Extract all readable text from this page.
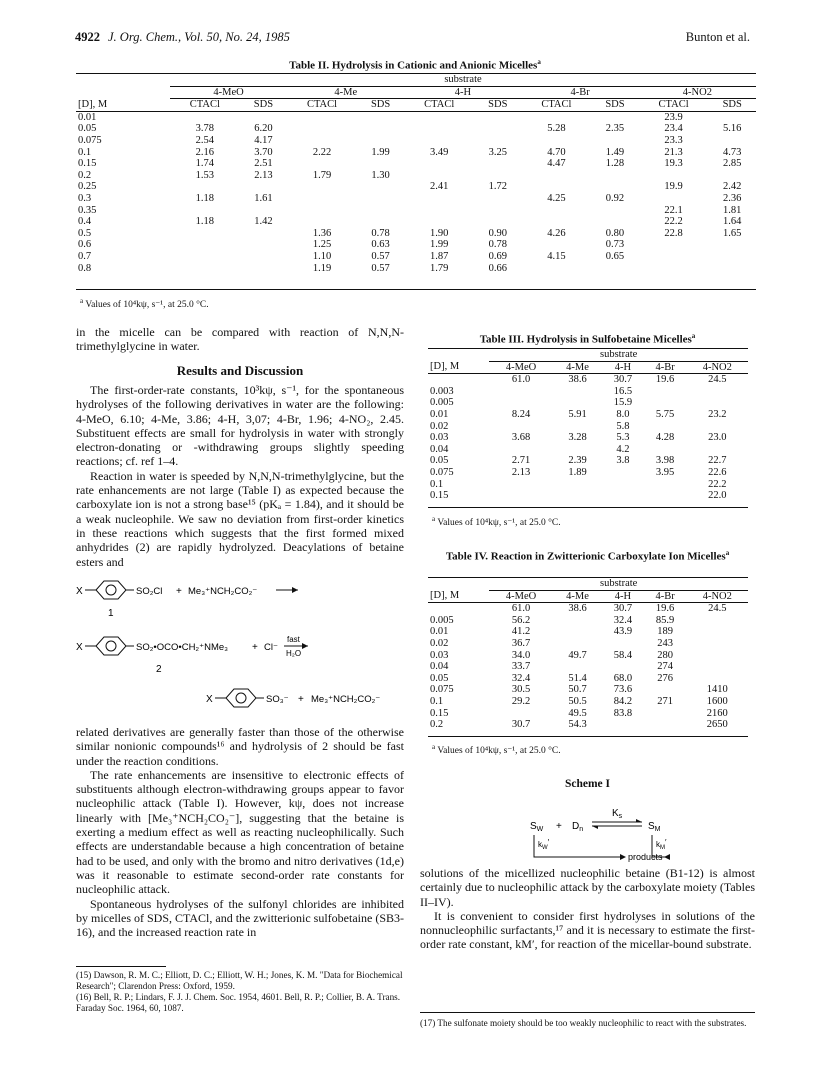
4922 J. Org. Chem., Vol. 50, No. 24, 1985	Bunton et al.
Table II. Hydrolysis in Cationic and Anionic Micelles$^a$
	substrate									
	4-MeO		4-Me		4-H		4-Br		4-NO2	
[D], M	CTACl	SDS	CTACl	SDS	CTACl	SDS	CTACl	SDS	CTACl	SDS
0.01									23.9	
0.05	3.78	6.20					5.28	2.35	23.4	5.16
0.075	2.54	4.17							23.3	
0.1	2.16	3.70	2.22	1.99	3.49	3.25	4.70	1.49	21.3	4.73
0.15	1.74	2.51					4.47	1.28	19.3	2.85
0.2	1.53	2.13	1.79	1.30						
0.25					2.41	1.72			19.9	2.42
0.3	1.18	1.61					4.25	0.92		2.36
0.35									22.1	1.81
0.4	1.18	1.42							22.2	1.64
0.5			1.36	0.78	1.90	0.90	4.26	0.80	22.8	1.65
0.6			1.25	0.63	1.99	0.78		0.73		
0.7			1.10	0.57	1.87	0.69	4.15	0.65		
0.8			1.19	0.57	1.79	0.66				
$^a$ Values of 10⁴kψ, s⁻¹, at 25.0 °C.
in the micelle can be compared with reaction of N,N,N-trimethylglycine in water.
Results and Discussion

The first-order-rate constants, 10³kψ, s⁻¹, for the spontaneous hydrolyses of the following derivatives in water are the following: 4-MeO, 6.10; 4-Me, 3.86; 4-H, 3,07; 4-Br, 1.96; 4-NO₂, 2.45. Substituent effects are small for hydrolysis in water with strongly electron-donating or -withdrawing groups slightly speeding reactions; cf. ref 1–4.

Reaction in water is speeded by N,N,N-trimethylglycine, but the rate enhancements are not large (Table I) as expected because the carboxylate ion is not a strong base¹⁵ (pKₐ = 1.84), and it should be a weak nucleophile. We saw no deviation from first-order kinetics in these reactions which suggests that the first formed mixed anhydrides (2) are rapidly hydrolyzed. Deacylations of betaine esters and

X	SO₂Cl + Me₃⁺NCH₂CO₂⁻
1
X	SO₂•OCO•CH₂⁺NMe₃ + Cl⁻
fast
H₂O
2
X	SO₃⁻ + Me₃⁺NCH₂CO₂⁻
related derivatives are generally faster than those of the otherwise similar nonionic compounds¹⁶ and hydrolysis of 2 should be fast under the reaction conditions.

The rate enhancements are insensitive to electronic effects of substituents although electron-withdrawing groups appear to favor nucleophilic attack (Table I). However, kψ, does not increase linearly with [Me₃⁺NCH₂CO₂⁻], suggesting that the betaine is exerting a medium effect as well as reacting nucleophilically. Such effects are understandable because a high concentration of betaine had to be used, and only with the bromo and nitro derivatives (1d,e) was it reasonable to estimate second-order rate constants for nucleophilic attack.

Spontaneous hydrolyses of the sulfonyl chlorides are inhibited by micelles of SDS, CTACl, and the zwitterionic sulfobetaine (SB3-16), and the increased reaction rate in

(15) Dawson, R. M. C.; Elliott, D. C.; Elliott, W. H.; Jones, K. M. "Data for Biochemical Research"; Clarendon Press: Oxford, 1959.
(16) Bell, R. P.; Lindars, F. J. J. Chem. Soc. 1954, 4601. Bell, R. P.; Collier, B. A. Trans. Faraday Soc. 1964, 60, 1087.
Table III. Hydrolysis in Sulfobetaine Micelles$^a$
	substrate				
[D], M	4-MeO	4-Me	4-H	4-Br	4-NO2
	61.0	38.6	30.7	19.6	24.5
0.003			16.5		
0.005			15.9		
0.01	8.24	5.91	8.0	5.75	23.2
0.02			5.8		
0.03	3.68	3.28	5.3	4.28	23.0
0.04			4.2		
0.05	2.71	2.39	3.8	3.98	22.7
0.075	2.13	1.89		3.95	22.6
0.1					22.2
0.15					22.0
$^a$ Values of 10⁴kψ, s⁻¹, at 25.0 °C.
Table IV. Reaction in Zwitterionic Carboxylate Ion Micelles$^a$
	substrate				
[D], M	4-MeO	4-Me	4-H	4-Br	4-NO2
	61.0	38.6	30.7	19.6	24.5
0.005	56.2		32.4	85.9	
0.01	41.2		43.9	189	
0.02	36.7			243	
0.03	34.0	49.7	58.4	280	
0.04	33.7			274	
0.05	32.4	51.4	68.0	276	
0.075	30.5	50.7	73.6		1410
0.1	29.2	50.5	84.2	271	1600
0.15		49.5	83.8		2160
0.2	30.7	54.3			2650
$^a$ Values of 10⁴kψ, s⁻¹, at 25.0 °C.
Scheme I
$S_W + D_n$
$K_s$
$S_M$
$k_W'$	$k_M'$
products
solutions of the micellized nucleophilic betaine (B1-12) is almost certainly due to nucleophilic attack by the carboxylate moiety (Tables II–IV).

It is convenient to consider first hydrolyses in solutions of the nonnucleophilic surfactants,¹⁷ and it is necessary to estimate the first-order rate constant, kM′, for reaction of the micellar-bound substrate.

(17) The sulfonate moiety should be too weakly nucleophilic to react with the substrates.
